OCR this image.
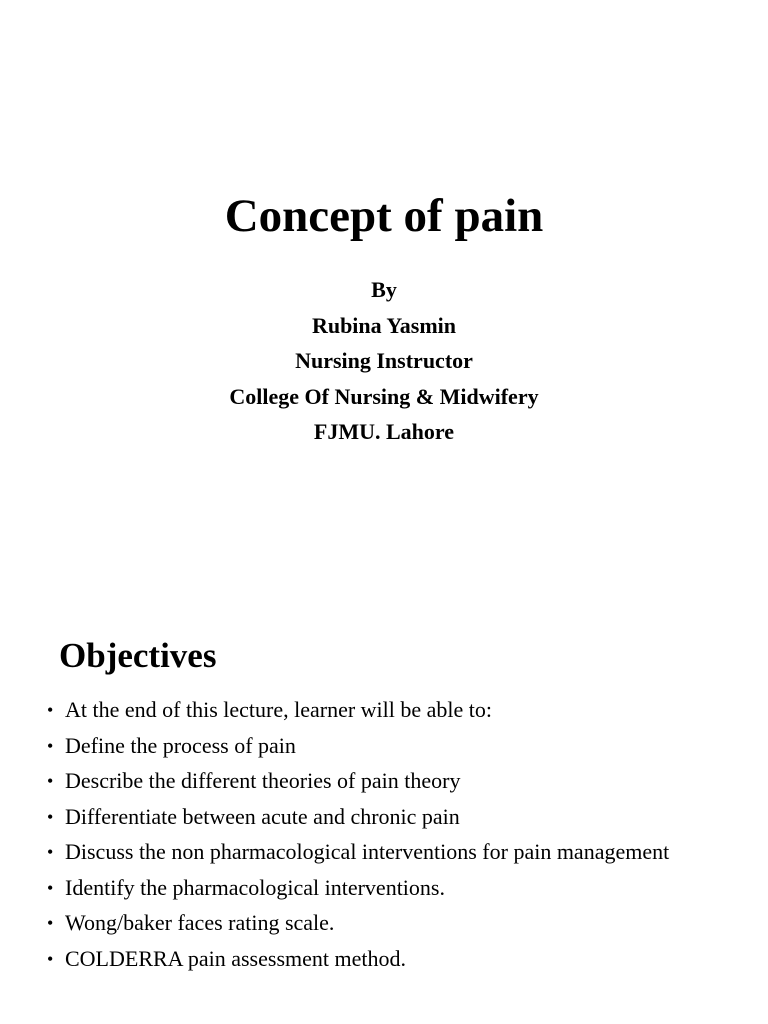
Concept of pain
By
Rubina Yasmin
Nursing Instructor
College Of Nursing & Midwifery
FJMU. Lahore
Objectives
• At the end of this lecture, learner will be able to:
• Define the process of pain
• Describe the different theories of pain theory
• Differentiate between acute and chronic pain
• Discuss the non pharmacological interventions for pain management
• Identify the pharmacological interventions.
• Wong/baker faces rating scale.
• COLDERRA pain assessment method.
